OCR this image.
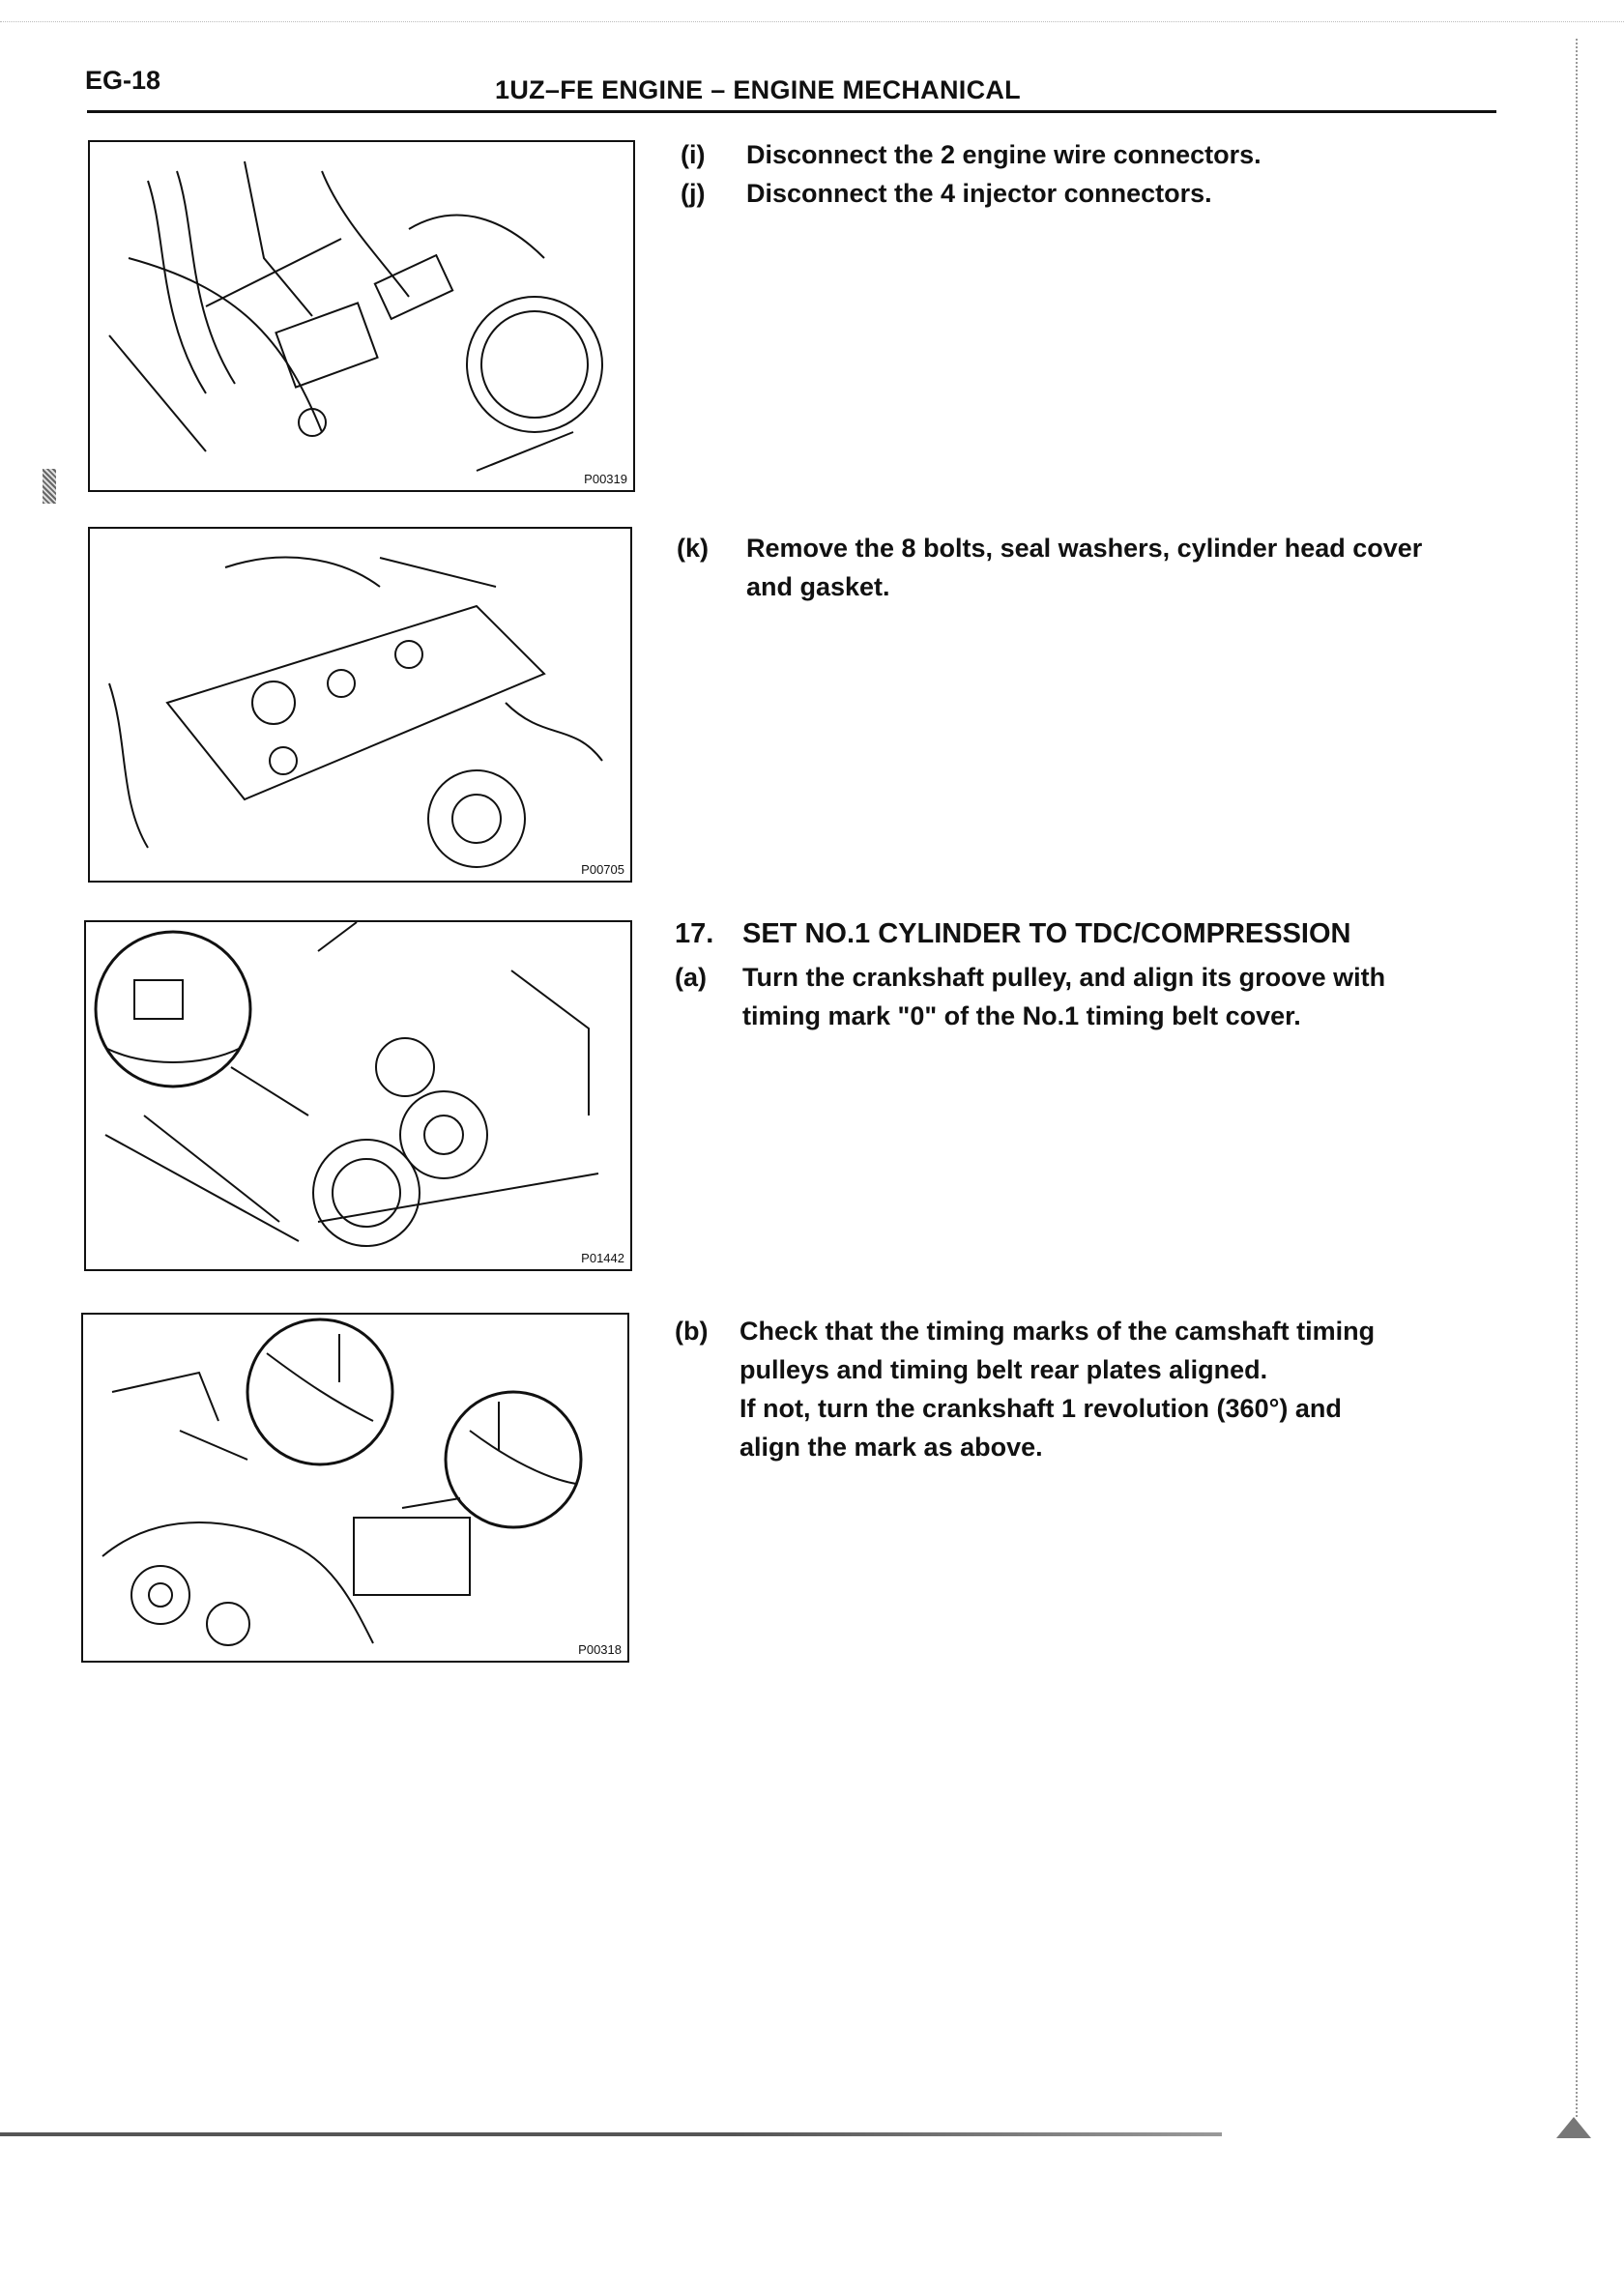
EG-18	1UZ–FE ENGINE – ENGINE MECHANICAL
P00319
(i) Disconnect the 2 engine wire connectors.
(j) Disconnect the 4 injector connectors.
P00705
(k) Remove the 8 bolts, seal washers, cylinder head cover
and gasket.
P01442
17. SET NO.1 CYLINDER TO TDC/COMPRESSION
(a) Turn the crankshaft pulley, and align its groove with
timing mark "0" of the No.1 timing belt cover.
P00318
(b) Check that the timing marks of the camshaft timing
pulleys and timing belt rear plates aligned.
If not, turn the crankshaft 1 revolution (360°) and
align the mark as above.
